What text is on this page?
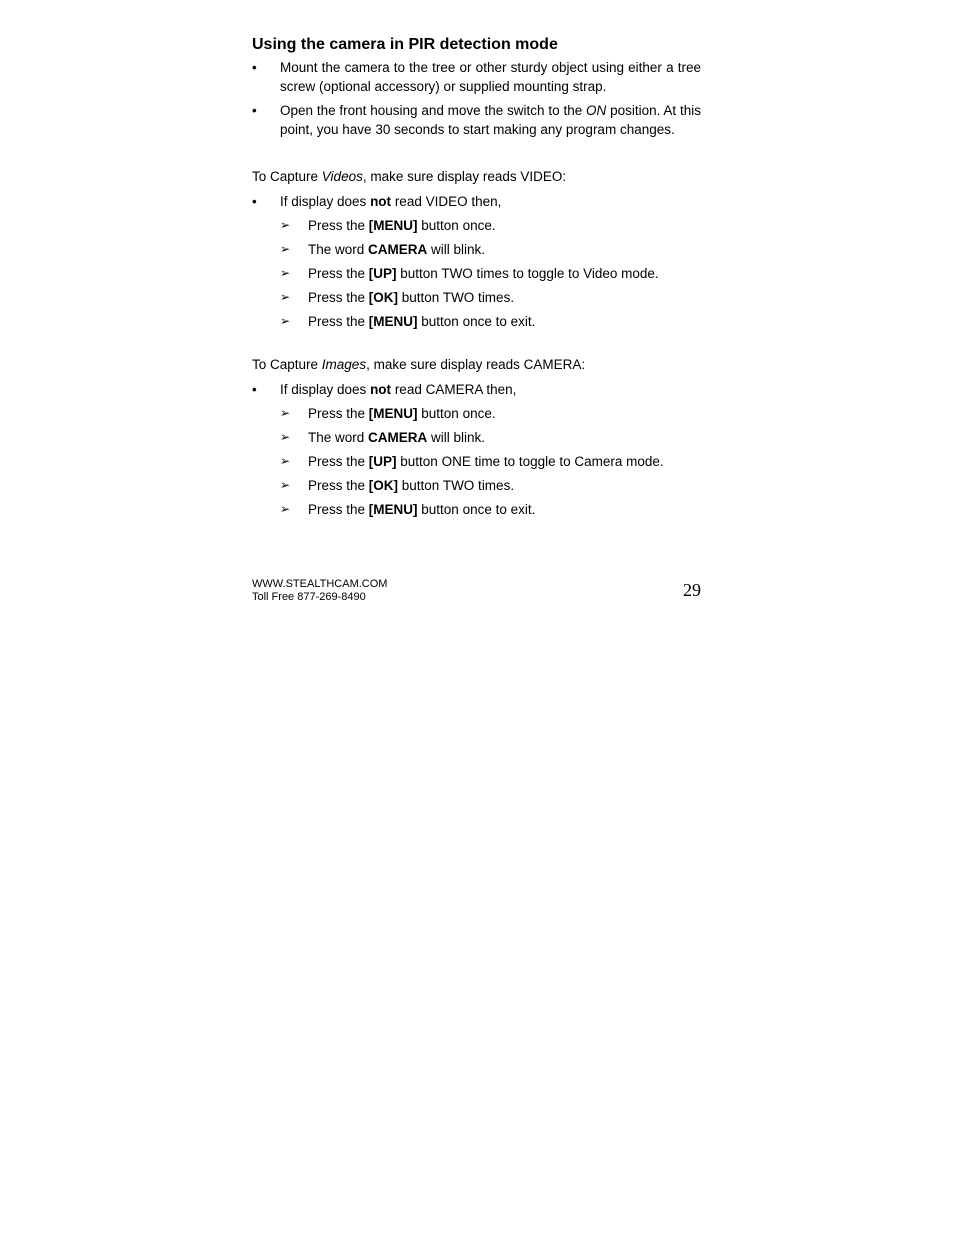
Using the camera in PIR detection mode
•	Mount the camera to the tree or other sturdy object using either a tree screw (optional accessory) or supplied mounting strap.
•	Open the front housing and move the switch to the ON position. At this point, you have 30 seconds to start making any program changes.
To Capture Videos, make sure display reads VIDEO:
•	If display does not read VIDEO then,
➢ Press the [MENU] button once.
➢ The word CAMERA will blink.
➢ Press the [UP] button TWO times to toggle to Video mode.
➢ Press the [OK] button TWO times.
➢ Press the [MENU] button once to exit.
To Capture Images, make sure display reads CAMERA:
•	If display does not read CAMERA then,
➢ Press the [MENU] button once.
➢ The word CAMERA will blink.
➢ Press the [UP] button ONE time to toggle to Camera mode.
➢ Press the [OK] button TWO times.
➢ Press the [MENU] button once to exit.
WWW.STEALTHCAM.COM
Toll Free 877-269-8490	29
